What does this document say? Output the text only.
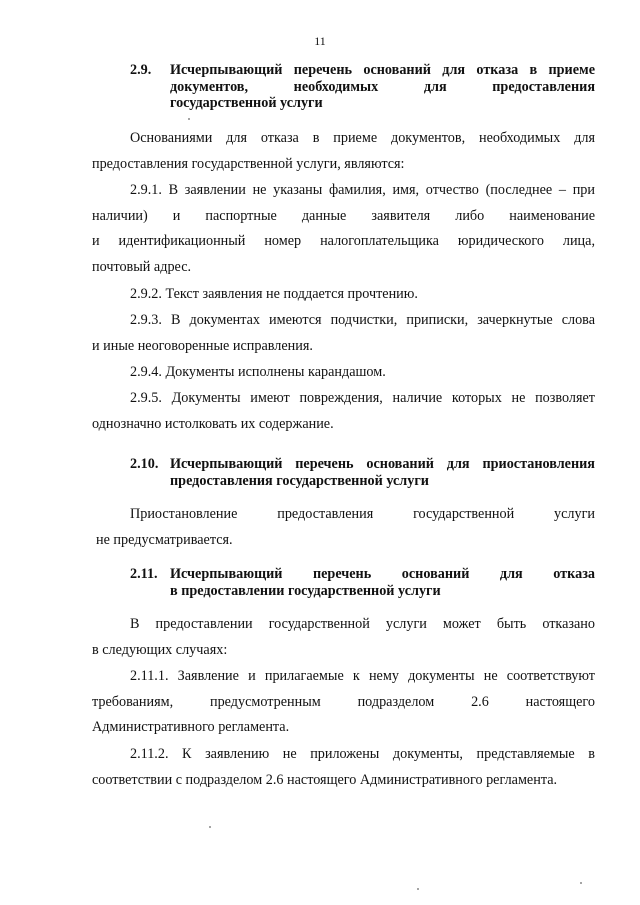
11
2.9.	Исчерпывающий перечень оснований для отказа в приеме
документов, необходимых для предоставления
государственной услуги
Основаниями для отказа в приеме документов, необходимых для
предоставления государственной услуги, являются:
2.9.1. В заявлении не указаны фамилия, имя, отчество (последнее – при
наличии) и паспортные данные заявителя либо наименование
и идентификационный номер налогоплательщика юридического лица,
почтовый адрес.
2.9.2. Текст заявления не поддается прочтению.
2.9.3. В документах имеются подчистки, приписки, зачеркнутые слова
и иные неоговоренные исправления.
2.9.4. Документы исполнены карандашом.
2.9.5. Документы имеют повреждения, наличие которых не позволяет
однозначно истолковать их содержание.
2.10. Исчерпывающий перечень оснований для приостановления
предоставления государственной услуги
Приостановление предоставления государственной услуги
не предусматривается.
2.11. Исчерпывающий перечень оснований для отказа
в предоставлении государственной услуги
В предоставлении государственной услуги может быть отказано
в следующих случаях:
2.11.1. Заявление и прилагаемые к нему документы не соответствуют
требованиям, предусмотренным подразделом 2.6 настоящего
Административного регламента.
2.11.2. К заявлению не приложены документы, представляемые в
соответствии с подразделом 2.6 настоящего Административного регламента.
